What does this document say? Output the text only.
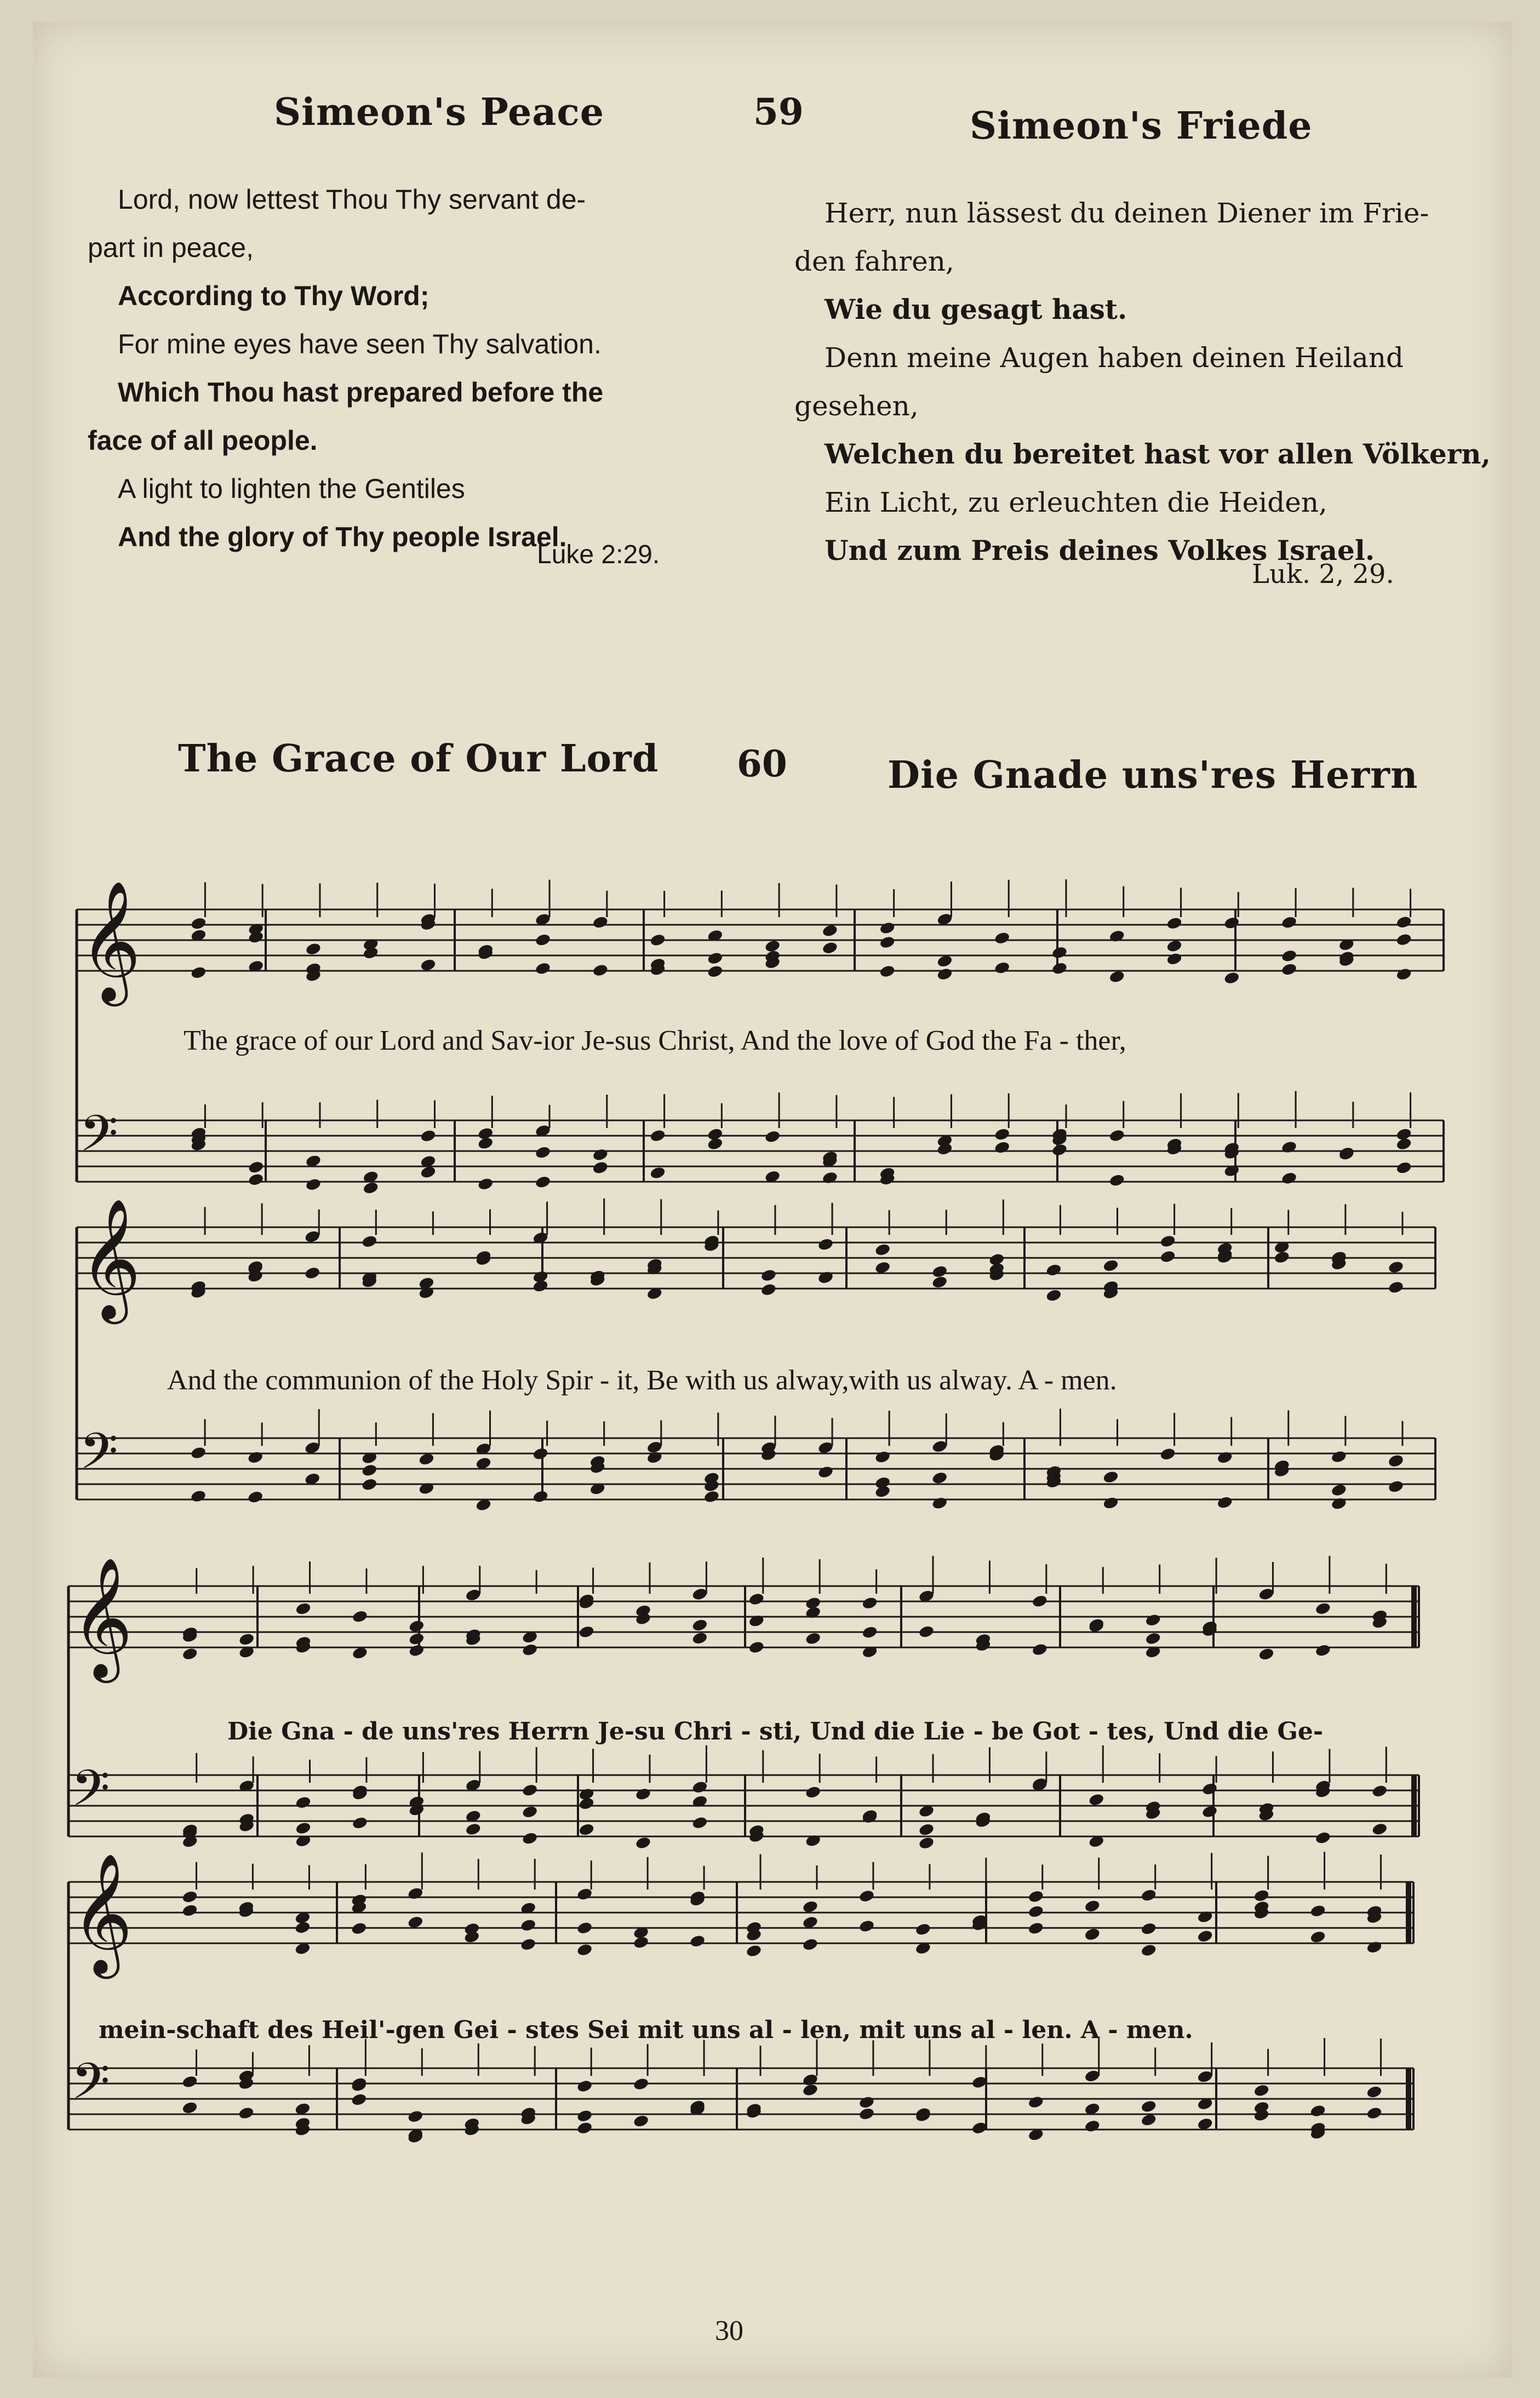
Simeon's Peace	59	Simeon's Friede
Lord, now lettest Thou Thy servant de-
part in peace,
According to Thy Word;
For mine eyes have seen Thy salvation.
Which Thou hast prepared before the
face of all people.
A light to lighten the Gentiles
And the glory of Thy people Israel.
Luke 2:29.
Herr, nun lässest du deinen Diener im Frie-
den fahren,
Wie du gesagt hast.
Denn meine Augen haben deinen Heiland
gesehen,
Welchen du bereitet hast vor allen Völkern,
Ein Licht, zu erleuchten die Heiden,
Und zum Preis deines Volkes Israel.
Luk. 2, 29.
The Grace of Our Lord 60	Die Gnade uns'res Herrn
𝄞
𝄢
𝄞
𝄢
𝄞
𝄢
𝄞
𝄢
The grace of our Lord and Sav-ior Je-sus Christ, And the love of God the Fa - ther,
And the communion of the Holy Spir - it, Be with us alway,with us alway. A - men.
Die Gna - de uns'res Herrn Je-su Chri - sti, Und die Lie - be Got - tes, Und die Ge-
mein-schaft des Heil'-gen Gei - stes Sei mit uns al - len, mit uns al - len. A - men.
30
